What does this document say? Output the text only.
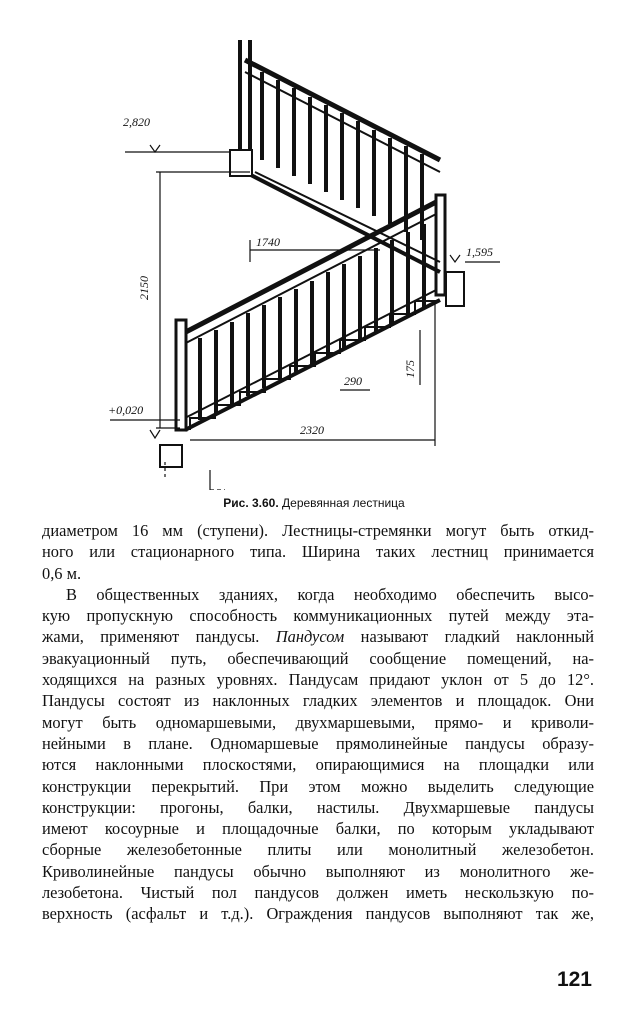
2,820
1,595
+0,020
1740
2150
290
175
2320
Рис. 3.60. Деревянная лестница
диаметром 16 мм (ступени). Лестницы-стремянки могут быть откид-
ного или стационарного типа. Ширина таких лестниц принимается
0,6 м.
В общественных зданиях, когда необходимо обеспечить высо-
кую пропускную способность коммуникационных путей между эта-
жами, применяют пандусы. Пандусом называют гладкий наклонный
эвакуационный путь, обеспечивающий сообщение помещений, на-
ходящихся на разных уровнях. Пандусам придают уклон от 5 до 12°.
Пандусы состоят из наклонных гладких элементов и площадок. Они
могут быть одномаршевыми, двухмаршевыми, прямо- и криволи-
нейными в плане. Одномаршевые прямолинейные пандусы образу-
ются наклонными плоскостями, опирающимися на площадки или
конструкции перекрытий. При этом можно выделить следующие
конструкции: прогоны, балки, настилы. Двухмаршевые пандусы
имеют косоурные и площадочные балки, по которым укладывают
сборные железобетонные плиты или монолитный железобетон.
Криволинейные пандусы обычно выполняют из монолитного же-
лезобетона. Чистый пол пандусов должен иметь нескользкую по-
верхность (асфальт и т.д.). Ограждения пандусов выполняют так же,
121
